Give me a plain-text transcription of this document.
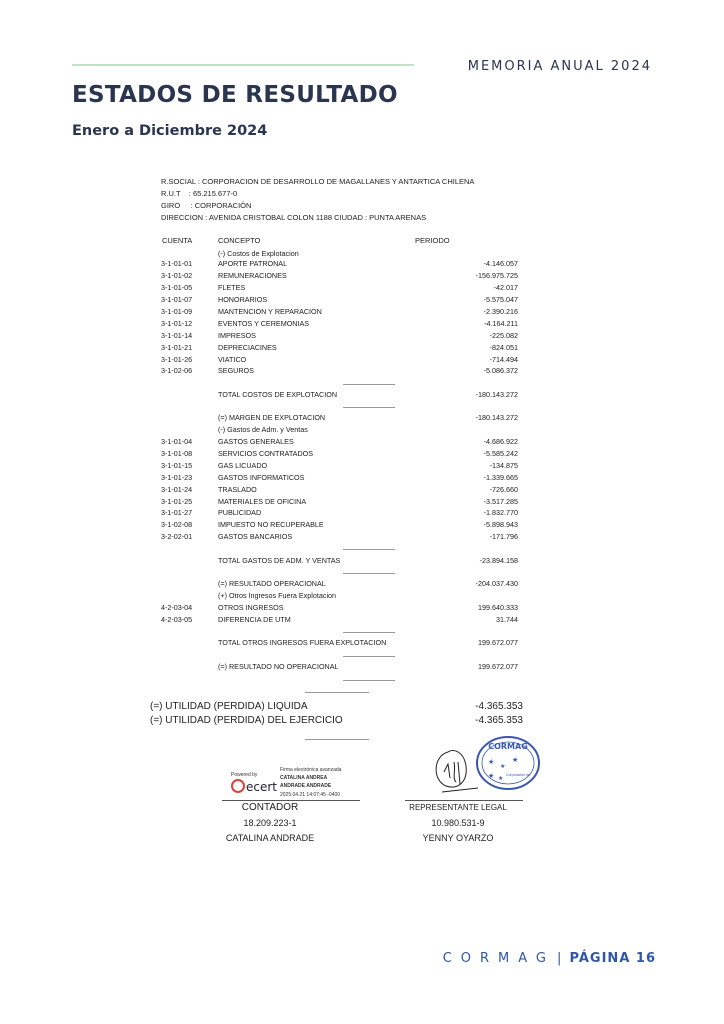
MEMORIA ANUAL 2024
ESTADOS DE RESULTADO
Enero a Diciembre 2024
R.SOCIAL : CORPORACION DE DESARROLLO DE MAGALLANES Y ANTARTICA CHILENA
R.U.T    : 65.215.677-0
GIRO     : CORPORACIÓN
DIRECCION : AVENIDA CRISTOBAL COLON 1188 CIUDAD : PUNTA ARENAS
CUENTA	CONCEPTO	PERIODO
(-) Costos de Explotacion
3-1-01-01	APORTE PATRONAL	-4.146.057
3-1-01-02	REMUNERACIONES	-156.975.725
3-1-01-05	FLETES	-42.017
3-1-01-07	HONORARIOS	-5.575.047
3-1-01-09	MANTENCION Y REPARACION	-2.390.216
3-1-01-12	EVENTOS Y CEREMONIAS	-4.164.211
3-1-01-14	IMPRESOS	-225.082
3-1-01-21	DEPRECIACINES	-824.051
3-1-01-26	VIATICO	-714.494
3-1-02-06	SEGUROS	-5.086.372
TOTAL COSTOS DE EXPLOTACION	-180.143.272
(=) MARGEN DE EXPLOTACION	-180.143.272
(-) Gastos de Adm. y Ventas
3-1-01-04	GASTOS GENERALES	-4.686.922
3-1-01-08	SERVICIOS CONTRATADOS	-5.585.242
3-1-01-15	GAS LICUADO	-134.875
3-1-01-23	GASTOS INFORMATICOS	-1.339.665
3-1-01-24	TRASLADO	-726.660
3-1-01-25	MATERIALES DE OFICINA	-3.517.285
3-1-01-27	PUBLICIDAD	-1.832.770
3-1-02-08	IMPUESTO NO RECUPERABLE	-5.898.943
3-2-02-01	GASTOS BANCARIOS	-171.796
TOTAL GASTOS DE ADM. Y VENTAS	-23.894.158
(=) RESULTADO OPERACIONAL	-204.037.430
(+) Otros Ingresos Fuera Explotacion
4-2-03-04	OTROS INGRESOS	199.640.333
4-2-03-05	DIFERENCIA DE UTM	31.744
TOTAL OTROS INGRESOS FUERA EXPLOTACION	199.672.077
(=) RESULTADO NO OPERACIONAL	199.672.077
(=) UTILIDAD (PERDIDA) LIQUIDA	-4.365.353
(=) UTILIDAD (PERDIDA) DEL EJERCICIO	-4.365.353
Powered by
ecert
Firma electrónica avanzada
CATALINA ANDREA
ANDRADE ANDRADE
2025.04.21 14:07:45 -0400
CONTADOR
18.209.223-1
CATALINA ANDRADE
CORMAG
★	★
★
★ ★
Corporación de
REPRESENTANTE LEGAL
10.980.531-9
YENNY OYARZO
CORMAG | PÁGINA 16
